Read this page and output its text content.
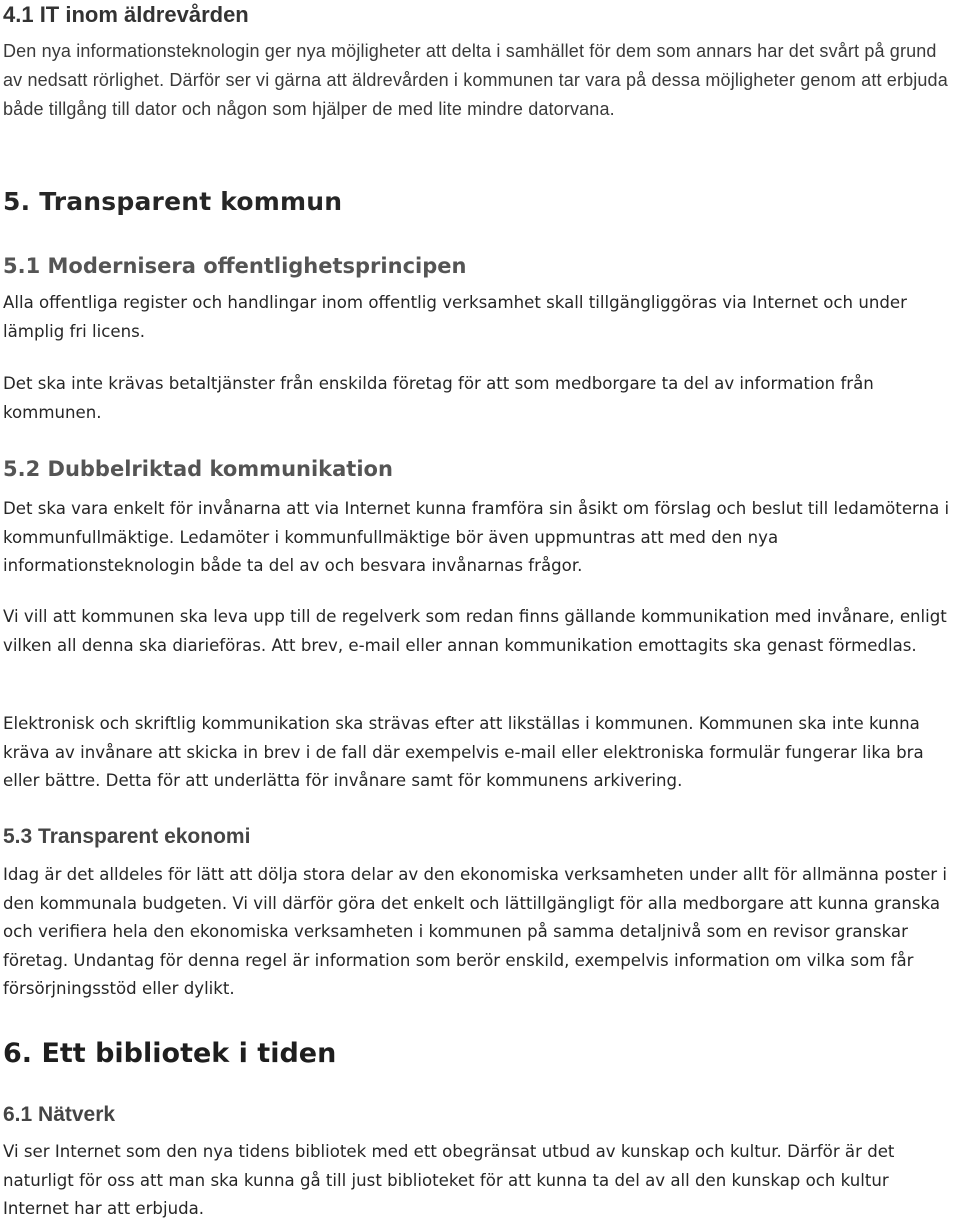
4.1 IT inom äldrevården

Den nya informationsteknologin ger nya möjligheter att delta i samhället för dem som annars har det svårt på grund av nedsatt rörlighet. Därför ser vi gärna att äldrevården i kommunen tar vara på dessa möjligheter genom att erbjuda både tillgång till dator och någon som hjälper de med lite mindre datorvana.

5. Transparent kommun
5.1 Modernisera offentlighetsprincipen

Alla offentliga register och handlingar inom offentlig verksamhet skall tillgängliggöras via Internet och under lämplig fri licens.

Det ska inte krävas betaltjänster från enskilda företag för att som medborgare ta del av information från kommunen.

5.2 Dubbelriktad kommunikation

Det ska vara enkelt för invånarna att via Internet kunna framföra sin åsikt om förslag och beslut till ledamöterna i kommunfullmäktige. Ledamöter i kommunfullmäktige bör även uppmuntras att med den nya informationsteknologin både ta del av och besvara invånarnas frågor.

Vi vill att kommunen ska leva upp till de regelverk som redan finns gällande kommunikation med invånare, enligt vilken all denna ska diarieföras. Att brev, e-mail eller annan kommunikation emottagits ska genast förmedlas.

Elektronisk och skriftlig kommunikation ska strävas efter att likställas i kommunen. Kommunen ska inte kunna kräva av invånare att skicka in brev i de fall där exempelvis e-mail eller elektroniska formulär fungerar lika bra eller bättre. Detta för att underlätta för invånare samt för kommunens arkivering.

5.3 Transparent ekonomi

Idag är det alldeles för lätt att dölja stora delar av den ekonomiska verksamheten under allt för allmänna poster i den kommunala budgeten. Vi vill därför göra det enkelt och lättillgängligt för alla medborgare att kunna granska och verifiera hela den ekonomiska verksamheten i kommunen på samma detaljnivå som en revisor granskar företag. Undantag för denna regel är information som berör enskild, exempelvis information om vilka som får försörjningsstöd eller dylikt.

6. Ett bibliotek i tiden
6.1 Nätverk

Vi ser Internet som den nya tidens bibliotek med ett obegränsat utbud av kunskap och kultur. Därför är det naturligt för oss att man ska kunna gå till just biblioteket för att kunna ta del av all den kunskap och kultur Internet har att erbjuda.
